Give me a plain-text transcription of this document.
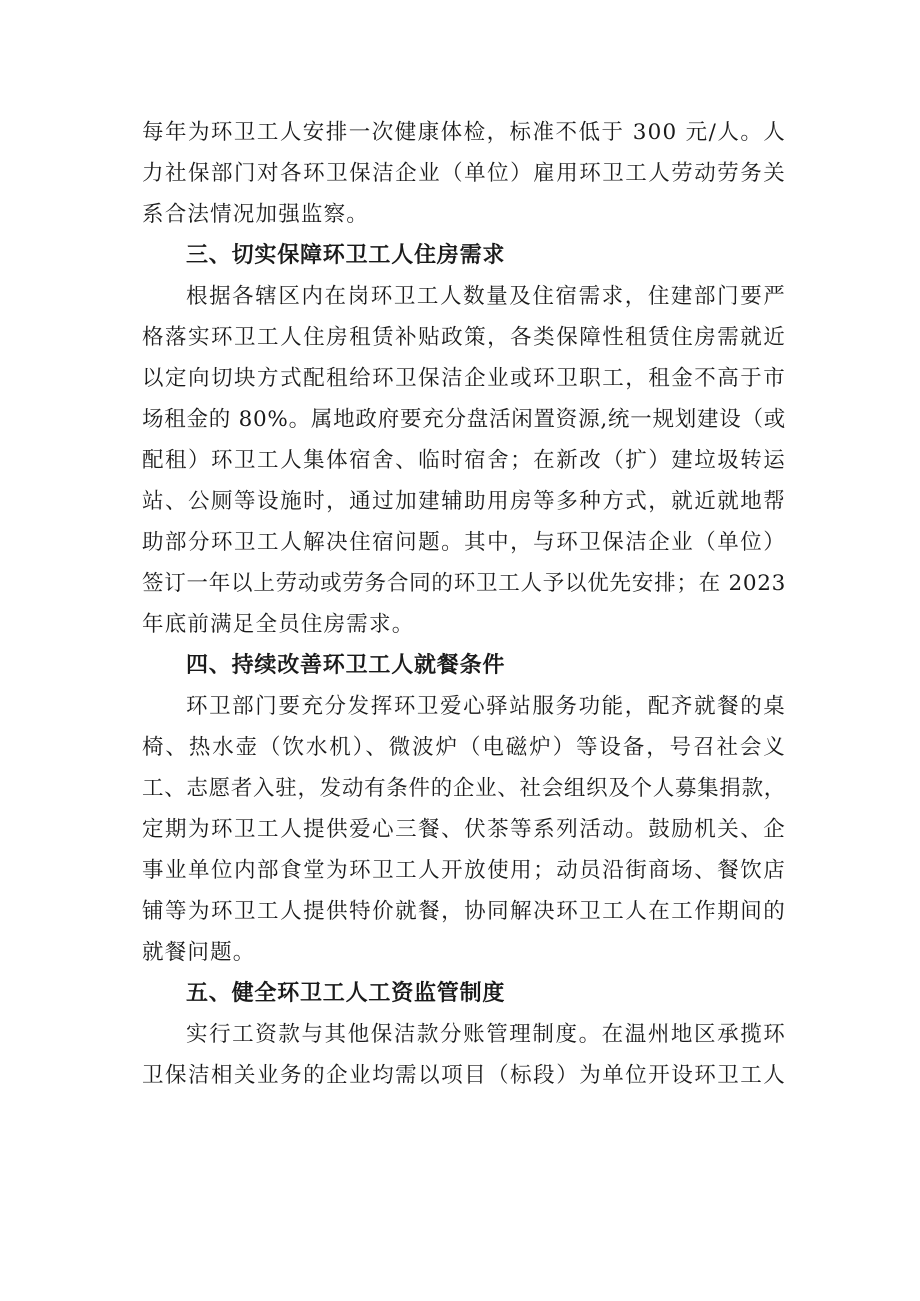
每年为环卫工人安排一次健康体检，标准不低于 300 元/人。人
力社保部门对各环卫保洁企业（单位）雇用环卫工人劳动劳务关
系合法情况加强监察。
三、切实保障环卫工人住房需求
根据各辖区内在岗环卫工人数量及住宿需求，住建部门要严
格落实环卫工人住房租赁补贴政策，各类保障性租赁住房需就近
以定向切块方式配租给环卫保洁企业或环卫职工，租金不高于市
场租金的 80%。属地政府要充分盘活闲置资源,统一规划建设（或
配租）环卫工人集体宿舍、临时宿舍；在新改（扩）建垃圾转运
站、公厕等设施时，通过加建辅助用房等多种方式，就近就地帮
助部分环卫工人解决住宿问题。其中，与环卫保洁企业（单位）
签订一年以上劳动或劳务合同的环卫工人予以优先安排；在 2023
年底前满足全员住房需求。
四、持续改善环卫工人就餐条件
环卫部门要充分发挥环卫爱心驿站服务功能，配齐就餐的桌
椅、热水壶（饮水机）、微波炉（电磁炉）等设备，号召社会义
工、志愿者入驻，发动有条件的企业、社会组织及个人募集捐款，
定期为环卫工人提供爱心三餐、伏茶等系列活动。鼓励机关、企
事业单位内部食堂为环卫工人开放使用；动员沿街商场、餐饮店
铺等为环卫工人提供特价就餐，协同解决环卫工人在工作期间的
就餐问题。
五、健全环卫工人工资监管制度
实行工资款与其他保洁款分账管理制度。在温州地区承揽环
卫保洁相关业务的企业均需以项目（标段）为单位开设环卫工人
